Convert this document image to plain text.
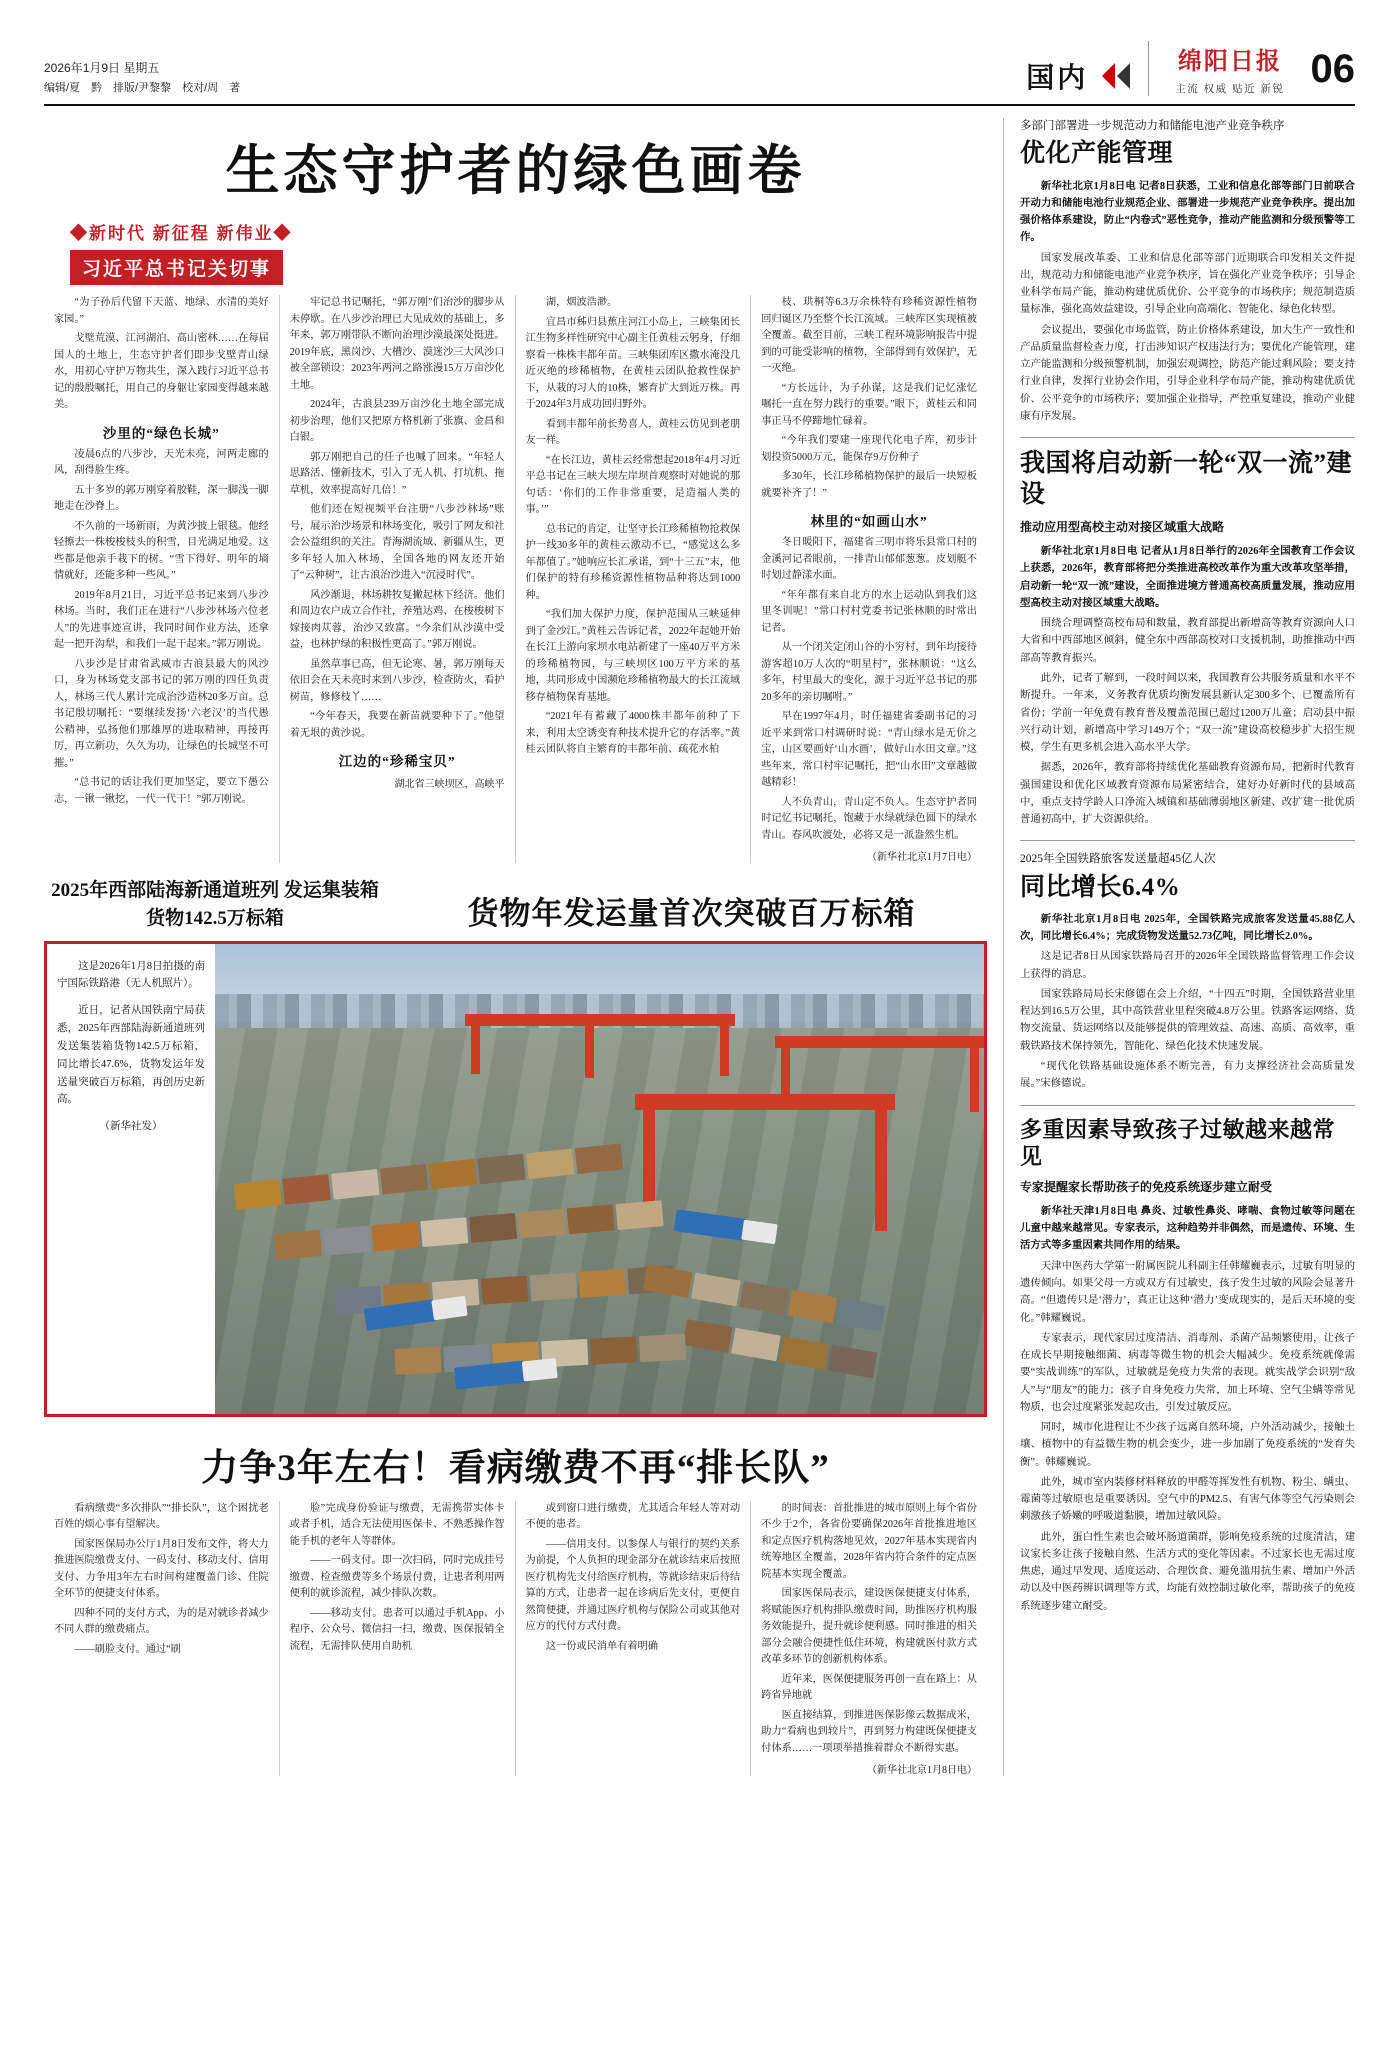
2026年1月9日 星期五
编辑/夏　黔　排版/尹黎黎　校对/周　著	国内	绵阳日报
主流 权威 贴近 新锐 06
生态守护者的绿色画卷
◆新时代 新征程 新伟业◆
习近平总书记关切事

“为子孙后代留下天蓝、地绿、水清的美好家园。”

戈壁荒漠、江河湖泊、高山密林……在每届国人的土地上，生态守护者们即步戈壁青山绿水，用初心守护万物共生，深入践行习近平总书记的殷殷嘱托，用自己的身躯让家园变得越来越美。

沙里的“绿色长城”

凌晨6点的八步沙，天光未亮，河两走廊的风，刮得脸生疼。

五十多岁的郭万刚穿着胶鞋，深一脚浅一脚地走在沙脊上。

不久前的一场新雨，为黄沙披上银毯。他经轻擦去一株梭梭枝头的积雪，目光满足地爱。这些都是他亲手栽下的树。“雪下得好、明年的墒情就好，还能多种一些风。”

2019年8月21日，习近平总书记来到八步沙林场。当时，我们正在进行“八步沙林场六位老人”的先进事迹宣讲，我同时间作业方法，还拿起一把开沟犁，和我们一起干起来。”郭万刚说。

八步沙是甘肃省武威市古浪县最大的风沙口，身为林场党支部书记的郭万刚的四任负责人，林场三代人累计完成治沙造林20多万亩。总书记殷切嘱托：“要继续发扬‘六老汉’的当代愚公精神，弘扬他们那雄厚的进取精神，再接再厉，再立新功，久久为功，让绿色的长城坚不可摧。”

“总书记的话让我们更加坚定，要立下愚公志，一锹一锹挖，一代一代干！”郭万刚说。

牢记总书记嘱托，“郭万刚”们治沙的脚步从未停歇。在八步沙治理已大见成效的基础上，多年来，郭万刚带队不断向治理沙漠最深处挺进。2019年底，黑岗沙、大槽沙、漠迷沙三大风沙口被全部锁设：2023年两河之路涨漫15万万亩沙化土地。

2024年，古浪县239万亩沙化土地全部完成初步治理，他们又把原方格机新了张旗、金昌和白银。

郭万刚把自己的任子也喊了回来。“年轻人思路活、懂新技术，引入了无人机、打坑机、拖草机，效率提高好几倍！”

他们还在短视频平台注册“八步沙林场”账号，展示治沙场景和林场变化，吸引了网友和社会公益组织的关注。青海湖流域、新疆从生，更多年轻人加入林场，全国各地的网友还开始了“云种树”，让古浪治沙进入“沉浸时代”。

风沙渐退，林场耕牧复撇起林下经济。他们和周边农户成立合作社，养殖达鸡、在梭梭树下嫁接肉苁蓉，治沙又致富。“今余们从沙漠中受益，也林护绿的积极性更高了。”郭万刚说。

虽然草事已高，但无论寒、暑，郭万刚每天依旧会在天未亮时来到八步沙，检查防火，看护树苗，修修枝丫……

“今年春天，我要在新苗就要种下了。”他望着无垠的黄沙说。

江边的“珍稀宝贝”
湖北省三峡坝区，高峡平

湖，烟波浩渺。

宜昌市秭归县蕉庄河江小岛上，三峡集团长江生物多样性研究中心副主任黄桂云躬身，仔细察看一株株丰都年苗。三峡集团库区撒水淹没几近灭绝的珍稀植物，在黄桂云团队抢救性保护下，从栽的习人的10株，繁育扩大到近万株。再于2024年3月成功回归野外。

看到丰都年前长势喜人，黄桂云仿见到老朋友一样。

“在长江边，黄桂云经常想起2018年4月习近平总书记在三峡大坝左岸坝首观察时对她说的那句话：‘你们的工作非常重要，是造福人类的事。’”

总书记的肯定，让坚守长江珍稀植物抢救保护一线30多年的黄桂云激动不已，“感觉这么多年都值了。”她响应长汇承诺，到“十三五”末，他们保护的特有珍稀资源性植物品种将达到1000种。

“我们加大保护力度，保护范围从三峡延伸到了金沙江。”黄桂云告诉记者，2022年起她开始在长江上游向家坝水电站新建了一座40万平方米的珍稀植物园，与三峡坝区100万平方米的基地，共同形成中国濒危珍稀植物最大的长江流域移存植物保育基地。

“2021年有蓄藏了4000株丰都年前种了下来，利用太空诱变育种技术提升它的存活率。”黄桂云团队将自主繁育的丰都年前、疏花水柏

枝、珙桐等6.3万余株特有珍稀资源性植物回归诞区乃至整个长江流域。三峡库区实现植被全覆盖。截至目前，三峡工程环境影响报告中提到的可能受影响的植物，全部得到有效保护，无一灭绝。

“方长远计，为子孙谋，这是我们记忆涨忆嘱托一直在努力践行的重要。”眼下，黄桂云和同事正马不停蹄地忙碌着。

“今年我们要建一座现代化电子库，初步计划投资5000万元，能保存9万份种子

多30年，长江珍稀植物保护的最后一块短板就要补齐了！”

林里的“如画山水”

冬日暖阳下，福建省三明市将乐县常口村的金溪河记者眼前，一排青山郁郁葱葱。皮划艇不时划过静漾水面。

“年年都有来自北方的水上运动队到我们这里冬训呢！”常口村村党委书记张林顺的时常出记者。

从一个闭关定闭山谷的小穷村，到年均接待游客超10万人次的“明星村”，张林顺说：“这么多年，村里最大的变化，源于习近平总书记的那20多年的亲切嘱咐。”

早在1997年4月，时任福建省委副书记的习近平来到常口村调研时说：“青山绿水是无价之宝，山区要画好‘山水画’，做好山水田文章。”这些年来，常口村牢记嘱托，把“山水田”文章越做越精彩！

人不负青山，青山定不负人。生态守护者同时记忆书记嘱托，饱藏于水绿就绿色圆下的绿水青山。春风吹渡处，必将又是一派盎然生机。

（新华社北京1月7日电）
2025年西部陆海新通道班列 发运集装箱货物142.5万标箱	货物年发运量首次突破百万标箱

这是2026年1月8日拍摄的南宁国际铁路港（无人机照片）。

近日，记者从国铁南宁局获悉，2025年西部陆海新通道班列发送集装箱货物142.5万标箱，同比增长47.6%，货物发运年发送量突破百万标箱，再创历史新高。

（新华社发）

力争3年左右！看病缴费不再“排长队”

看病缴费“多次排队”“排长队”，这个困扰老百姓的烦心事有望解决。

国家医保局办公厅1月8日发布文件，将大力推进医院缴费支付、一码支付、移动支付、信用支付、力争用3年左右时间构建覆盖门诊、住院全环节的便捷支付体系。

四种不同的支付方式，为的是对就诊者减少不同人群的缴费痛点。

——刷脸支付。通过“刷

脸”完成身份验证与缴费，无需携带实体卡或者手机，适合无法使用医保卡、不熟悉操作智能手机的老年人等群体。

——一码支付。即一次扫码，同时完成挂号缴费、检查缴费等多个场景付费，让患者利用两便利的就诊流程，减少排队次数。

——移动支付。患者可以通过手机App、小程序、公众号、微信扫一扫，缴费、医保报销全流程，无需排队使用自助机

或到窗口进行缴费，尤其适合年轻人等对动不便的患者。

——信用支付。以参保人与银行的契约关系为前提，个人负担的现金部分在就诊结束后按照医疗机构先支付给医疗机构，等就诊结束后待结算的方式，让患者一起在诊病后先支付，更便自然简便捷，并通过医疗机构与保险公司或其他对应方的代付方式付费。

这一份或民消单有着明确

的时间表：首批推进的城市原则上每个省份不少于2个，各省份要确保2026年首批推进地区和定点医疗机构落地见效，2027年基本实现省内统筹地区全覆盖，2028年省内符合条件的定点医院基本实现全覆盖。

国家医保局表示，建设医保便捷支付体系，将赋能医疗机构排队缴费时间，助推医疗机构服务效能提升，提升就诊便利感。同时推进的相关部分会融合便捷性低住环境，构建就医付款方式改革多环节的创新机构体系。

近年来，医保便捷服务再创一直在路上：从跨省异地就

医直接结算，到推进医保影像云数据成米，助力“看病也到较片”，再到努力构建既保便捷支付体系……一项项举措推着群众不断得实惠。

（新华社北京1月8日电）
多部门部署进一步规范动力和储能电池产业竞争秩序
优化产能管理

新华社北京1月8日电 记者8日获悉，工业和信息化部等部门日前联合开动力和储能电池行业规范企业、部署进一步规范产业竞争秩序。提出加强价格体系建设，防止“内卷式”恶性竞争，推动产能监测和分级预警等工作。

国家发展改革委、工业和信息化部等部门近期联合印发相关文件提出，规范动力和储能电池产业竞争秩序，旨在强化产业竞争秩序；引导企业科学布局产能，推动构建优质优价、公平竞争的市场秩序；规范制造质量标准，强化高效益建设，引导企业向高端化、智能化、绿色化转型。

会议提出，要强化市场监管，防止价格体系建设，加大生产一致性和产品质量监督检查力度，打击涉知识产权违法行为；要优化产能管理，建立产能监测和分级预警机制，加强宏观调控，防范产能过剩风险；要支持行业自律，发挥行业协会作用，引导企业科学布局产能，推动构建优质优价、公平竞争的市场秩序；要加强企业指导，严控重复建设，推动产业健康有序发展。

我国将启动新一轮“双一流”建设
推动应用型高校主动对接区域重大战略

新华社北京1月8日电 记者从1月8日举行的2026年全国教育工作会议上获悉，2026年，教育部将把分类推进高校改革作为重大改革攻坚举措，启动新一轮“双一流”建设，全面推进境方普通高校高质量发展，推动应用型高校主动对接区域重大战略。

围绕合理调整高校布局和数量，教育部提出新增高等教育资源向人口大省和中西部地区倾斜，健全东中西部高校对口支援机制，助推推动中西部高等教育振兴。

此外，记者了解到，一段时间以来，我国教育公共服务质量和水平不断提升。一年来，义务教育优质均衡发展县新认定300多个、已覆盖所有省份；学前一年免费有教育普及覆盖范围已超过1200万儿童；启动县中振兴行动计划，新增高中学习149万个；“双一流”建设高校稳步扩大招生规模，学生有更多机会进入高水平大学。

据悉，2026年，教育部将持续优化基础教育资源布局，把新时代教育强国建设和优化区域教育资源布局紧密结合，建好办好新时代的县域高中，重点支持学龄人口净流入城镇和基础薄弱地区新建、改扩建一批优质普通初高中，扩大资源供给。

2025年全国铁路旅客发送量超45亿人次
同比增长6.4%

新华社北京1月8日电 2025年，全国铁路完成旅客发送量45.88亿人次，同比增长6.4%；完成货物发送量52.73亿吨，同比增长2.0%。

这是记者8日从国家铁路局召开的2026年全国铁路监督管理工作会议上获得的消息。

国家铁路局局长宋修德在会上介绍，“十四五”时期，全国铁路营业里程达到16.5万公里，其中高铁营业里程突破4.8万公里。铁路客运网络、货物交流量、货运网络以及能够提供的管理效益、高速、高质、高效率，重载铁路技术保持领先，智能化、绿色化技术快速发展。

“现代化铁路基础设施体系不断完善，有力支撑经济社会高质量发展。”宋修德说。

多重因素导致孩子过敏越来越常见
专家提醒家长帮助孩子的免疫系统逐步建立耐受

新华社天津1月8日电 鼻炎、过敏性鼻炎、哮喘、食物过敏等问题在儿童中越来越常见。专家表示，这种趋势并非偶然，而是遗传、环境、生活方式等多重因素共同作用的结果。

天津中医药大学第一附属医院儿科副主任韩耀巍表示，过敏有明显的遗传倾向。如果父母一方或双方有过敏史，孩子发生过敏的风险会显著升高。“但遗传只是‘潜力’，真正让这种‘潜力’变成现实的，是后天环境的变化。”韩耀巍说。

专家表示，现代家居过度清洁、消毒剂、杀菌产品频繁使用，让孩子在成长早期接触细菌、病毒等微生物的机会大幅减少。免疫系统就像需要“实战训练”的军队，过敏就是免疫力失常的表现。就实战学会识别“敌人”与“朋友”的能力；孩子自身免疫力失常，加上环境、空气尘螨等常见物质，也会过度紧张发起攻击，引发过敏反应。

同时，城市化进程让不少孩子远离自然环境，户外活动减少，接触土壤、植物中的有益微生物的机会变少，进一步加剧了免疫系统的“发育失衡”。韩耀巍说。

此外，城市室内装修材料释放的甲醛等挥发性有机物、粉尘、螨虫、霉菌等过敏原也是重要诱因。空气中的PM2.5、有害气体等空气污染则会刺激孩子娇嫩的呼吸道黏膜，增加过敏风险。

此外，蛋白性生素也会破坏肠道菌群，影响免疫系统的过度清洁，建议家长多让孩子接触自然、生活方式的变化等因素。不过家长也无需过度焦虑，通过早发现、适度运动、合理饮食、避免滥用抗生素、增加户外活动以及中医药辨识调理等方式，均能有效控制过敏化率，帮助孩子的免疫系统逐步建立耐受。
